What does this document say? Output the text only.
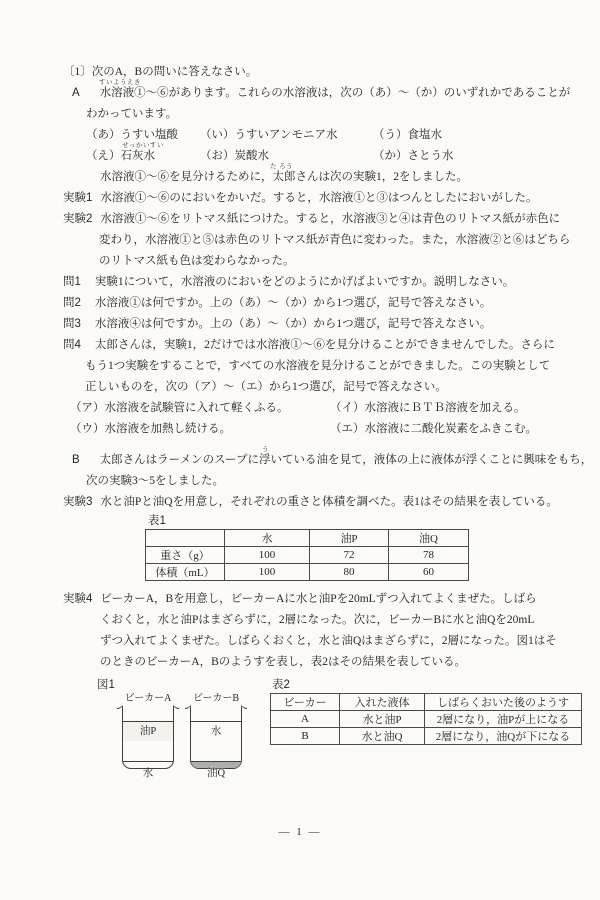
〔1〕次のA，Bの問いに答えなさい。
すいようえき
A 水溶液①～⑥があります。これらの水溶液は，次の（あ）～（か）のいずれかであることが
わかっています。
（あ）うすい塩酸 （い）うすいアンモニア水	（う）食塩水
せっかいすい
（え）石灰水	（お）炭酸水	（か）さとう水
た ろう
水溶液①～⑥を見分けるために，太郎さんは次の実験1，2をしました。
実験1 水溶液①～⑥のにおいをかいだ。すると，水溶液①と③はつんとしたにおいがした。
実験2 水溶液①～⑥をリトマス紙につけた。すると，水溶液③と④は青色のリトマス紙が赤色に
変わり，水溶液①と⑤は赤色のリトマス紙が青色に変わった。また，水溶液②と⑥はどちら
のリトマス紙も色は変わらなかった。
問1 実験1について，水溶液のにおいをどのようにかげばよいですか。説明しなさい。
問2 水溶液①は何ですか。上の（あ）～（か）から1つ選び，記号で答えなさい。
問3 水溶液④は何ですか。上の（あ）～（か）から1つ選び，記号で答えなさい。
問4 太郎さんは，実験1，2だけでは水溶液①～⑥を見分けることができませんでした。さらに
もう1つ実験をすることで，すべての水溶液を見分けることができました。この実験として
正しいものを，次の（ア）～（エ）から1つ選び，記号で答えなさい。
（ア）水溶液を試験管に入れて軽くふる。	（イ）水溶液にＢＴＢ溶液を加える。
（ウ）水溶液を加熱し続ける。	（エ）水溶液に二酸化炭素をふきこむ。
う
B 太郎さんはラーメンのスープに浮いている油を見て，液体の上に液体が浮くことに興味をもち，
次の実験3～5をしました。
実験3 水と油Pと油Qを用意し，それぞれの重さと体積を調べた。表1はその結果を表している。
表1
	水	油P	油Q
重さ（g）	100	72	78
体積（mL）	100	80	60
実験4 ビーカーA，Bを用意し，ビーカーAに水と油Pを20mLずつ入れてよくまぜた。しばら
くおくと，水と油Pはまざらずに，2層になった。次に，ビーカーBに水と油Qを20mL
ずつ入れてよくまぜた。しばらくおくと，水と油Qはまざらずに，2層になった。図1はそ
のときのビーカーA，Bのようすを表し，表2はその結果を表している。
図1	表2
ビーカーA
油P
水
ビーカーB
水
油Q
ビーカー	入れた液体	しばらくおいた後のようす
A	水と油P	2層になり，油Pが上になる
B	水と油Q	2層になり，油Qが下になる
— 1 —
